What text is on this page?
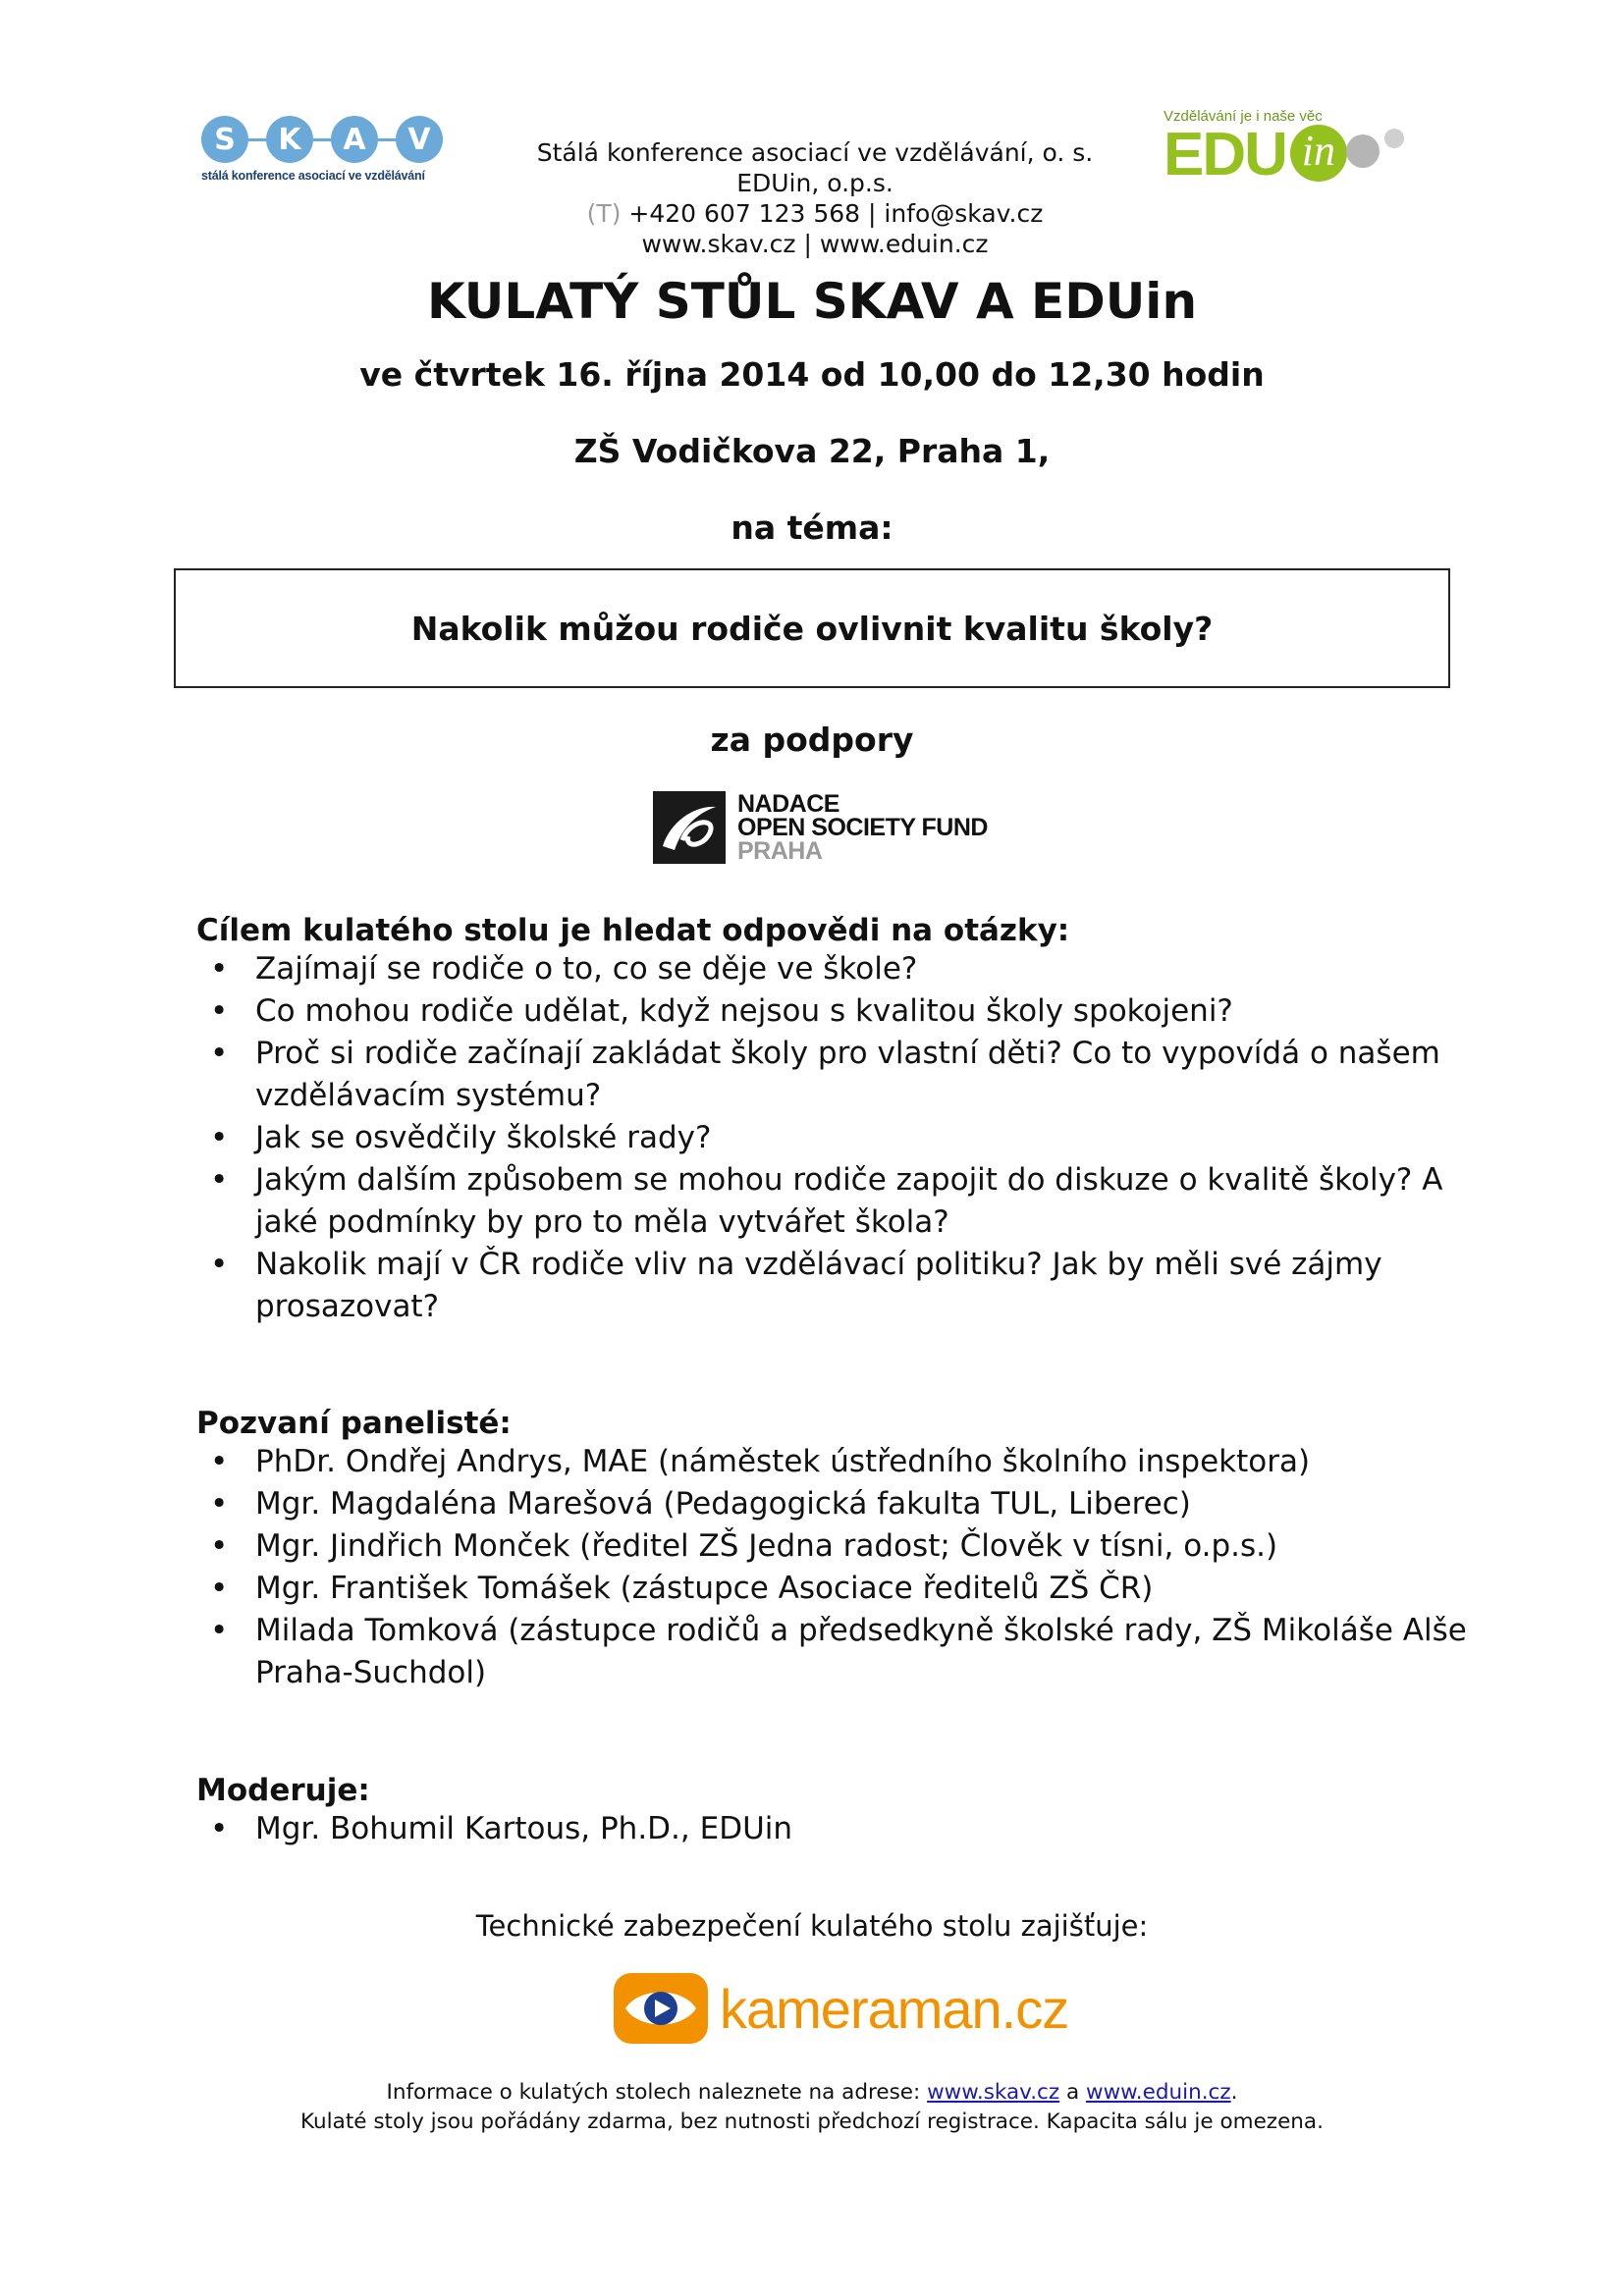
S	K	A	V
stálá konference asociací ve vzdělávání
Vzdělávání je i naše věc
EDU in
Stálá konference asociací ve vzdělávání, o. s.
EDUin, o.p.s.
(T) +420 607 123 568 | info@skav.cz
www.skav.cz | www.eduin.cz
KULATÝ STŮL SKAV A EDUin
ve čtvrtek 16. října 2014 od 10,00 do 12,30 hodin
ZŠ Vodičkova 22, Praha 1,
na téma:
Nakolik můžou rodiče ovlivnit kvalitu školy?
za podpory
NADACE
OPEN SOCIETY FUND
PRAHA
Cílem kulatého stolu je hledat odpovědi na otázky:
• Zajímají se rodiče o to, co se děje ve škole?
• Co mohou rodiče udělat, když nejsou s kvalitou školy spokojeni?
• Proč si rodiče začínají zakládat školy pro vlastní děti? Co to vypovídá o našem vzdělávacím systému?
• Jak se osvědčily školské rady?
• Jakým dalším způsobem se mohou rodiče zapojit do diskuze o kvalitě školy? A jaké podmínky by pro to měla vytvářet škola?
• Nakolik mají v ČR rodiče vliv na vzdělávací politiku? Jak by měli své zájmy prosazovat?
Pozvaní panelisté:
• PhDr. Ondřej Andrys, MAE (náměstek ústředního školního inspektora)
• Mgr. Magdaléna Marešová (Pedagogická fakulta TUL, Liberec)
• Mgr. Jindřich Monček (ředitel ZŠ Jedna radost; Člověk v tísni, o.p.s.)
• Mgr. František Tomášek (zástupce Asociace ředitelů ZŠ ČR)
• Milada Tomková (zástupce rodičů a předsedkyně školské rady, ZŠ Mikoláše Alše Praha-Suchdol)
Moderuje:
• Mgr. Bohumil Kartous, Ph.D., EDUin
Technické zabezpečení kulatého stolu zajišťuje:
kameraman.cz
Informace o kulatých stolech naleznete na adrese: www.skav.cz a www.eduin.cz.
Kulaté stoly jsou pořádány zdarma, bez nutnosti předchozí registrace. Kapacita sálu je omezena.
